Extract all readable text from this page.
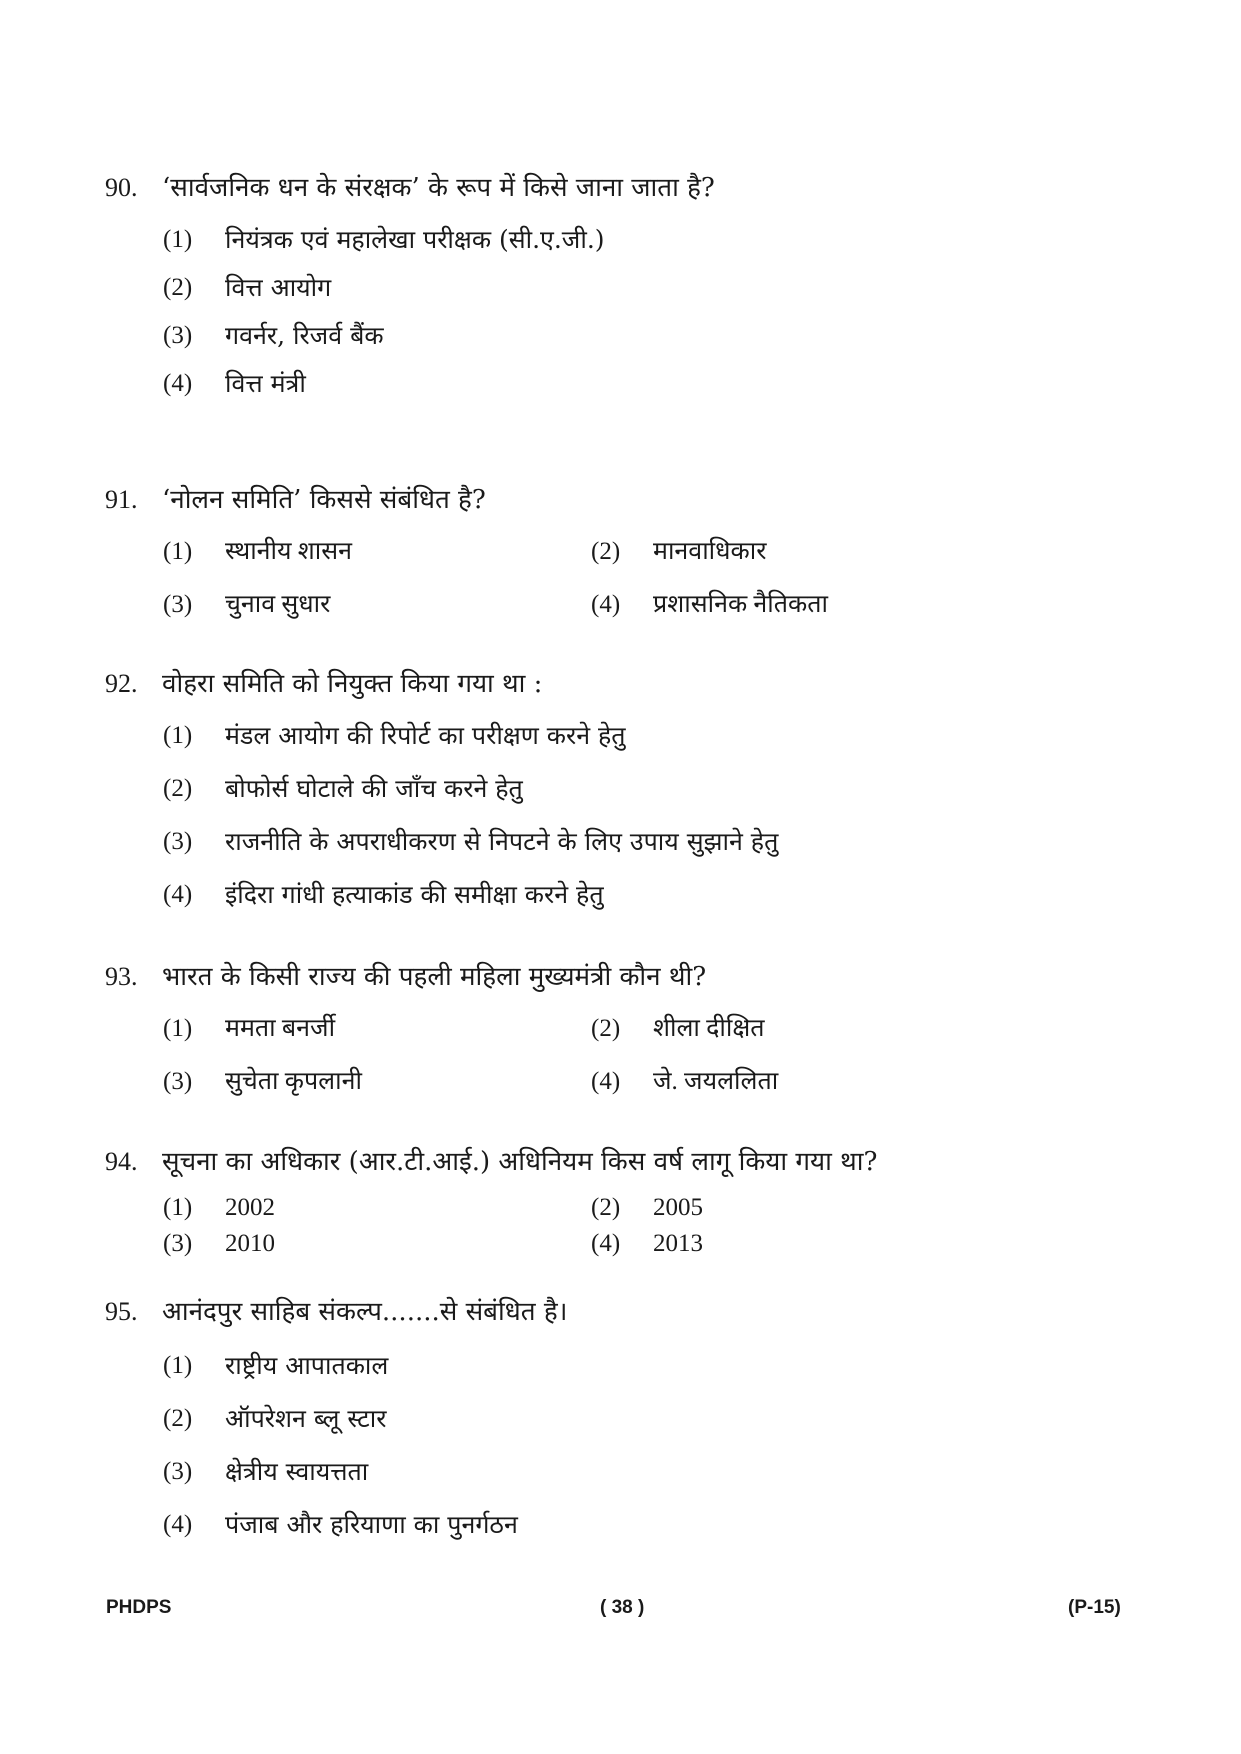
90. ‘सार्वजनिक धन के संरक्षक’ के रूप में किसे जाना जाता है?
(1) नियंत्रक एवं महालेखा परीक्षक (सी.ए.जी.)
(2) वित्त आयोग
(3) गवर्नर, रिजर्व बैंक
(4) वित्त मंत्री
91. ‘नोलन समिति’ किससे संबंधित है?
(1) स्थानीय शासन	(2) मानवाधिकार
(3) चुनाव सुधार	(4) प्रशासनिक नैतिकता
92. वोहरा समिति को नियुक्त किया गया था :
(1) मंडल आयोग की रिपोर्ट का परीक्षण करने हेतु
(2) बोफोर्स घोटाले की जाँच करने हेतु
(3) राजनीति के अपराधीकरण से निपटने के लिए उपाय सुझाने हेतु
(4) इंदिरा गांधी हत्याकांड की समीक्षा करने हेतु
93. भारत के किसी राज्य की पहली महिला मुख्यमंत्री कौन थी?
(1) ममता बनर्जी	(2) शीला दीक्षित
(3) सुचेता कृपलानी	(4) जे. जयललिता
94. सूचना का अधिकार (आर.टी.आई.) अधिनियम किस वर्ष लागू किया गया था?
(1) 2002	(2) 2005
(3) 2010	(4) 2013
95. आनंदपुर साहिब संकल्प.......से संबंधित है।
(1) राष्ट्रीय आपातकाल
(2) ऑपरेशन ब्लू स्टार
(3) क्षेत्रीय स्वायत्तता
(4) पंजाब और हरियाणा का पुनर्गठन
PHDPS	( 38 )	(P-15)
